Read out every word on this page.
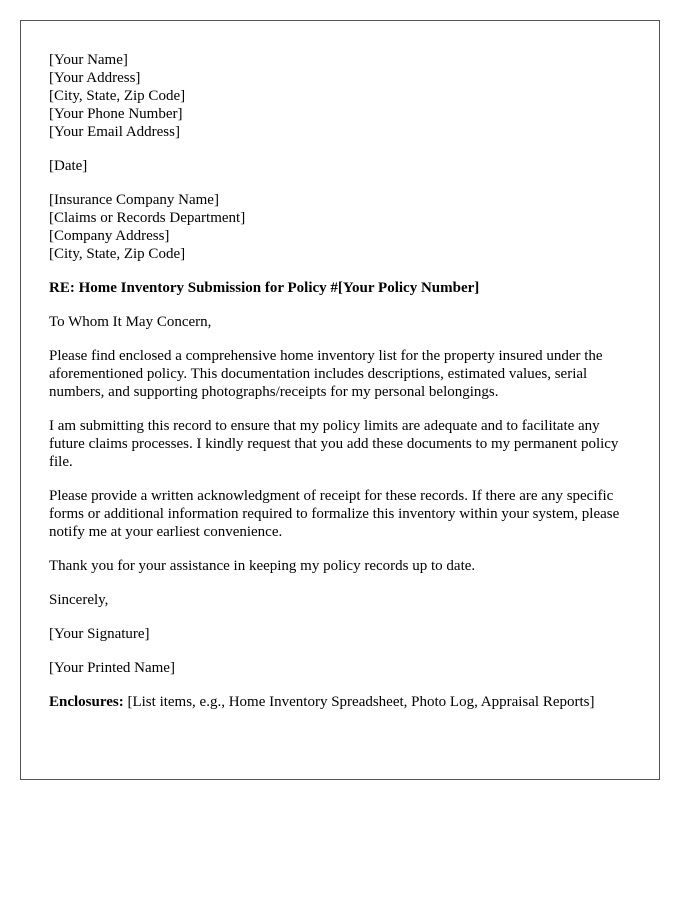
[Your Name]
[Your Address]
[City, State, Zip Code]
[Your Phone Number]
[Your Email Address]

[Date]

[Insurance Company Name]
[Claims or Records Department]
[Company Address]
[City, State, Zip Code]

RE: Home Inventory Submission for Policy #[Your Policy Number]

To Whom It May Concern,

Please find enclosed a comprehensive home inventory list for the property insured under the aforementioned policy. This documentation includes descriptions, estimated values, serial numbers, and supporting photographs/receipts for my personal belongings.

I am submitting this record to ensure that my policy limits are adequate and to facilitate any future claims processes. I kindly request that you add these documents to my permanent policy file.

Please provide a written acknowledgment of receipt for these records. If there are any specific forms or additional information required to formalize this inventory within your system, please notify me at your earliest convenience.

Thank you for your assistance in keeping my policy records up to date.

Sincerely,

[Your Signature]

[Your Printed Name]

Enclosures: [List items, e.g., Home Inventory Spreadsheet, Photo Log, Appraisal Reports]
